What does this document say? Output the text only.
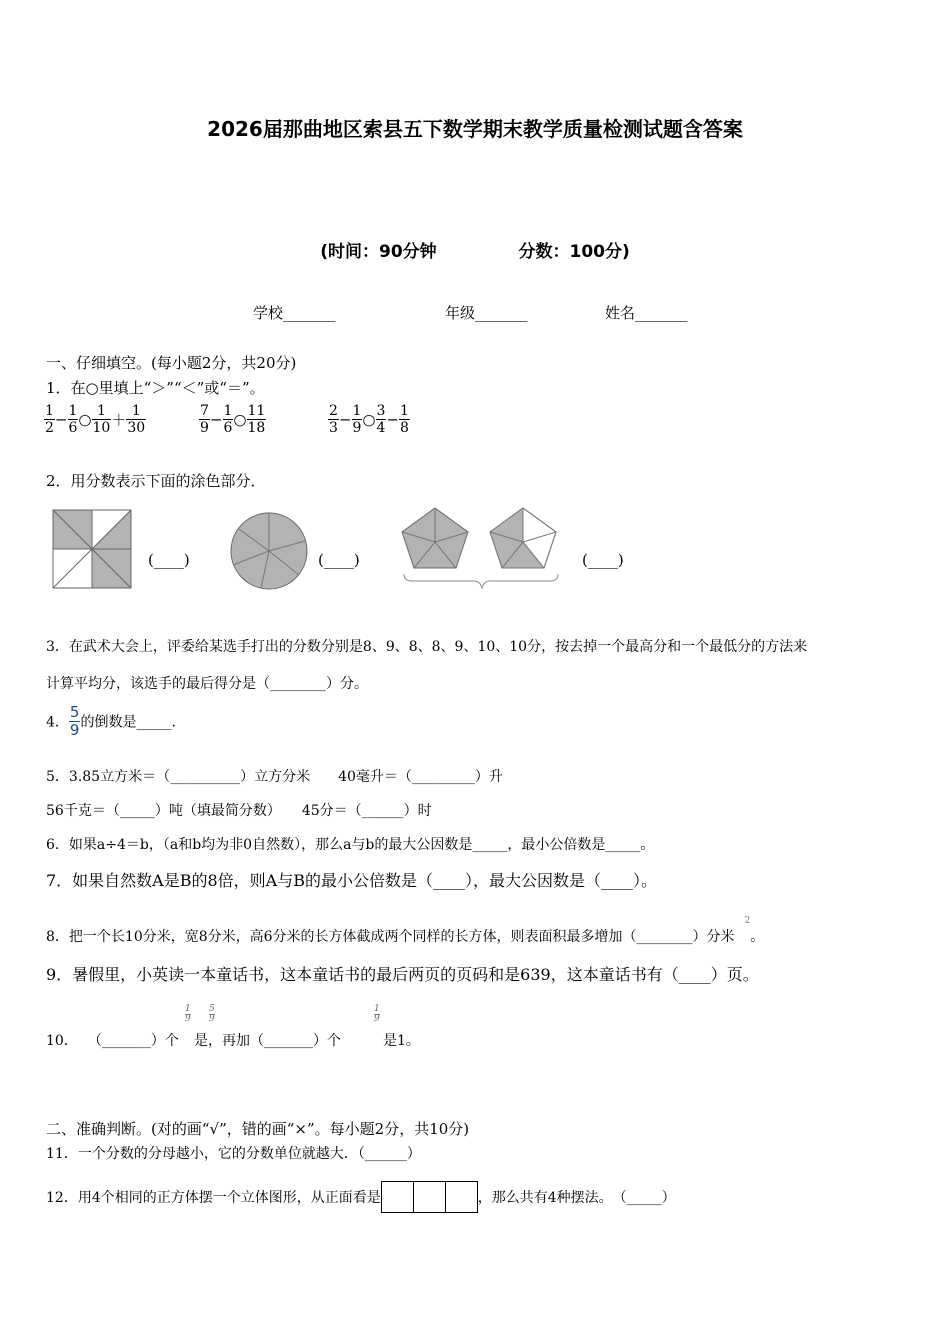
2026届那曲地区索县五下数学期末教学质量检测试题含答案
(时间：90分钟	分数：100分)
学校_______	年级_______	姓名_______
一、仔细填空。(每小题2分，共20分)
1．在○里填上“＞”“＜”或“＝”。
$\frac{1}{2} - \frac{1}{6}$ ○ $\frac{1}{10} + \frac{1}{30}$	$\frac{7}{9} - \frac{1}{6}$ ○ $\frac{11}{18}$	$\frac{2}{3} - \frac{1}{9}$ ○ $\frac{3}{4} - \frac{1}{8}$
2．用分数表示下面的涂色部分．
(____)	(____)	(____)
3．在武术大会上，评委给某选手打出的分数分别是8、9、8、8、9、10、10分，按去掉一个最高分和一个最低分的方法来
计算平均分，该选手的最后得分是（________）分。
4． $\frac{5}{9}$ 的倒数是_____.
5．3.85立方米＝（__________）立方分米　　40毫升＝（_________）升
56千克＝（_____）吨（填最简分数）　　45分＝（______）时
6．如果a÷4＝b，（a和b均为非0自然数），那么a与b的最大公因数是_____，最小公倍数是_____。
7．如果自然数A是B的8倍，则A与B的最小公倍数是（____），最大公因数是（____）。
8．把一个长10分米，宽8分米，高6分米的长方体截成两个同样的长方体，则表面积最多增加（________）分米$^2$。
9．暑假里，小英读一本童话书，这本童话书的最后两页的页码和是639，这本童话书有（____）页。
10． （_______）个
$\frac{1}{9} \frac{5}{9}$
是，再加（_______）个
$\frac{1}{9}$
是1。
二、准确判断。(对的画“√”，错的画“×”。每小题2分，共10分)
11．一个分数的分母越小，它的分数单位就越大．（______）
12．用4个相同的正方体摆一个立体图形，从正面看是	，那么共有4种摆法。　（_____）
